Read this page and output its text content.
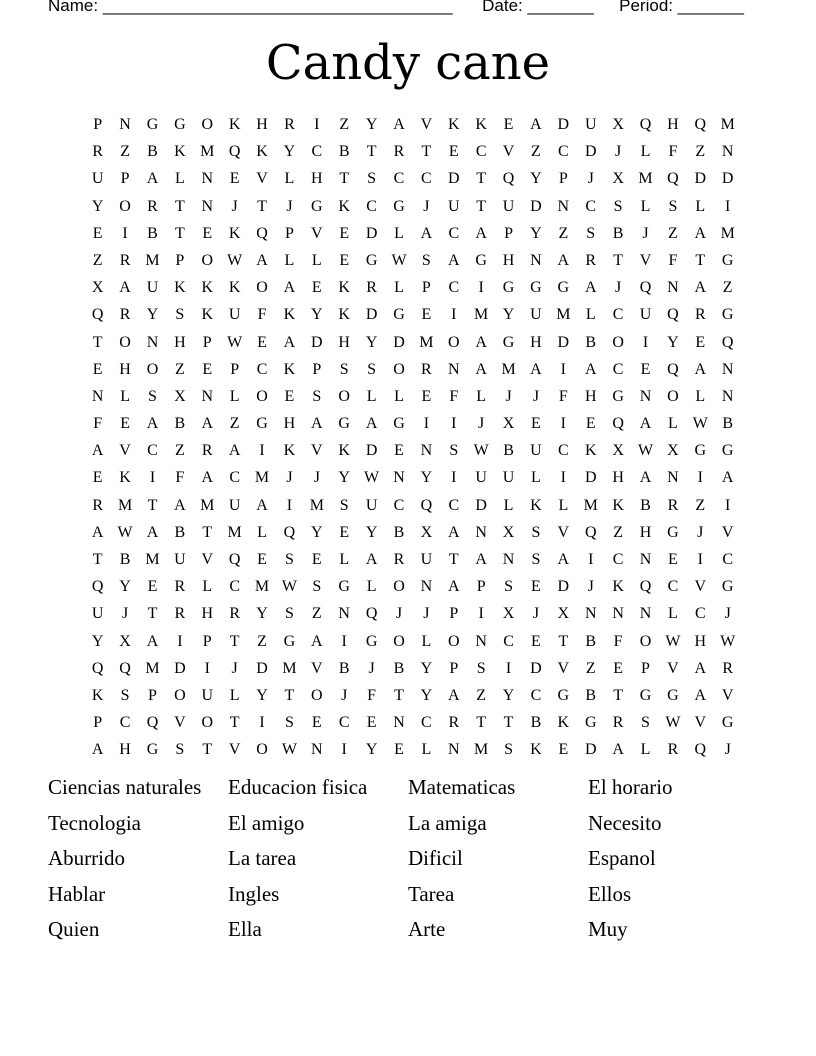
Name: _____________________________________ Date: _______ Period: _______
Candy cane
P	N G G O K H	R	I	Z	Y A V K K	E	A D U X Q H Q M
R	Z	B	K M Q K Y	C	B	T	R	T	E	C	V	Z	C	D	J	L	F	Z	N
U	P	A	L	N	E	V	L	H	T	S	C	C	D	T	Q Y	P	J	X M Q D D
Y O	R	T	N	J	T	J	G K	C	G	J	U	T	U D N	C	S	L	S	L	I
E	I	B	T	E	K Q	P	V	E	D	L	A	C	A	P	Y	Z	S	B	J	Z	A M
Z	R M P	O W A	L	L	E	G W S	A G H N A	R	T	V	F	T	G
X A U K K K O A	E	K	R	L	P	C	I	G G G A	J	Q N A	Z
Q	R	Y	S	K U	F	K Y K D G	E	I	M Y U M L	C	U Q	R	G
T	O N H	P W E	A D H Y D M O A G H D	B	O	I	Y	E	Q
E	H O	Z	E	P	C	K	P	S	S	O	R	N A M A	I	A	C	E	Q A N
N	L	S	X N	L	O	E	S	O	L	L	E	F	L	J	J	F	H G N O	L	N
F	E	A	B	A	Z	G H A G A G	I	I	J	X	E	I	E	Q A	L W B
A V	C	Z	R	A	I	K V K D	E	N	S W B	U	C	K X W X G G
E	K	I	F	A	C M	J	J	Y W N Y	I	U U	L	I	D H A N	I	A
R M T	A M U A	I	M S	U	C	Q	C	D	L	K	L M K	B	R	Z	I
A W A	B	T M L	Q Y	E	Y	B	X A N X	S	V Q	Z	H G	J	V
T	B M U V Q	E	S	E	L	A	R	U	T	A N	S	A	I	C	N	E	I	C
Q Y	E	R	L	C M W S	G	L	O N A	P	S	E	D	J	K Q	C	V G
U	J	T	R	H	R	Y	S	Z	N Q	J	J	P	I	X	J	X N N N	L	C	J
Y X A	I	P	T	Z	G A	I	G O	L	O N	C	E	T	B	F	O W H W
Q Q M D	I	J	D M V	B	J	B	Y	P	S	I	D V	Z	E	P	V A	R
K	S	P	O U	L	Y	T	O	J	F	T	Y A	Z	Y	C	G	B	T	G G A V
P	C	Q V O	T	I	S	E	C	E	N	C	R	T	T	B	K G	R	S W V G
A H G	S	T	V O W N	I	Y	E	L	N M S	K	E	D A	L	R	Q	J
Ciencias naturales	Educacion fisica	Matematicas	El horario
Tecnologia	El amigo	La amiga	Necesito
Aburrido	La tarea	Dificil	Espanol
Hablar	Ingles	Tarea	Ellos
Quien	Ella	Arte	Muy
